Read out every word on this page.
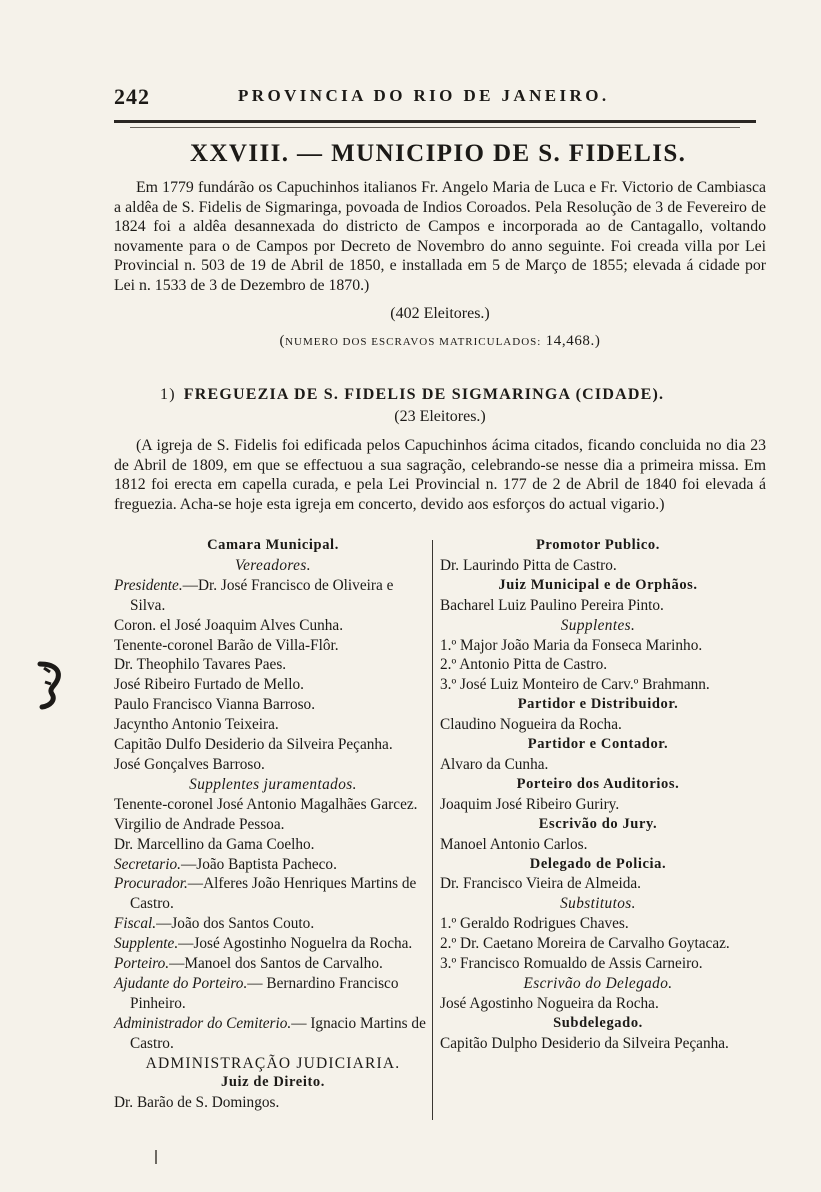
242	PROVINCIA DO RIO DE JANEIRO.
XXVIII. — MUNICIPIO DE S. FIDELIS.
Em 1779 fundárão os Capuchinhos italianos Fr. Angelo Maria de Luca e Fr. Victorio de Cambiasca a aldêa de S. Fidelis de Sigmaringa, povoada de Indios Coroados. Pela Resolução de 3 de Fevereiro de 1824 foi a aldêa desannexada do districto de Campos e incorporada ao de Cantagallo, voltando novamente para o de Campos por Decreto de Novembro do anno seguinte. Foi creada villa por Lei Provincial n. 503 de 19 de Abril de 1850, e installada em 5 de Março de 1855; elevada á cidade por Lei n. 1533 de 3 de Dezembro de 1870.)
(402 Eleitores.)
(NUMERO DOS ESCRAVOS MATRICULADOS: 14,468.)
1) FREGUEZIA DE S. FIDELIS DE SIGMARINGA (CIDADE).
(23 Eleitores.)
(A igreja de S. Fidelis foi edificada pelos Capuchinhos ácima citados, ficando concluida no dia 23 de Abril de 1809, em que se effectuou a sua sagração, celebrando-se nesse dia a primeira missa. Em 1812 foi erecta em capella curada, e pela Lei Provincial n. 177 de 2 de Abril de 1840 foi elevada á freguezia. Acha-se hoje esta igreja em concerto, devido aos esforços do actual vigario.)
Camara Municipal.
Vereadores.
Presidente.—Dr. José Francisco de Oliveira e Silva.
Coron. el José Joaquim Alves Cunha.
Tenente-coronel Barão de Villa-Flôr.
Dr. Theophilo Tavares Paes.
José Ribeiro Furtado de Mello.
Paulo Francisco Vianna Barroso.
Jacyntho Antonio Teixeira.
Capitão Dulfo Desiderio da Silveira Peçanha.
José Gonçalves Barroso.
Supplentes juramentados.
Tenente-coronel José Antonio Magalhães Garcez.
Virgilio de Andrade Pessoa.
Dr. Marcellino da Gama Coelho.
Secretario.—João Baptista Pacheco.
Procurador.—Alferes João Henriques Martins de Castro.
Fiscal.—João dos Santos Couto.
Supplente.—José Agostinho Noguelra da Rocha.
Porteiro.—Manoel dos Santos de Carvalho.
Ajudante do Porteiro.— Bernardino Francisco Pinheiro.
Administrador do Cemiterio.— Ignacio Martins de Castro.
ADMINISTRAÇÃO JUDICIARIA.
Juiz de Direito.
Dr. Barão de S. Domingos.
Promotor Publico.
Dr. Laurindo Pitta de Castro.
Juiz Municipal e de Orphãos.
Bacharel Luiz Paulino Pereira Pinto.
Supplentes.
1.º Major João Maria da Fonseca Marinho.
2.º Antonio Pitta de Castro.
3.º José Luiz Monteiro de Carv.º Brahmann.
Partidor e Distribuidor.
Claudino Nogueira da Rocha.
Partidor e Contador.
Alvaro da Cunha.
Porteiro dos Auditorios.
Joaquim José Ribeiro Guriry.
Escrivão do Jury.
Manoel Antonio Carlos.
Delegado de Policia.
Dr. Francisco Vieira de Almeida.
Substitutos.
1.º Geraldo Rodrigues Chaves.
2.º Dr. Caetano Moreira de Carvalho Goytacaz.
3.º Francisco Romualdo de Assis Carneiro.
Escrivão do Delegado.
José Agostinho Nogueira da Rocha.
Subdelegado.
Capitão Dulpho Desiderio da Silveira Peçanha.
